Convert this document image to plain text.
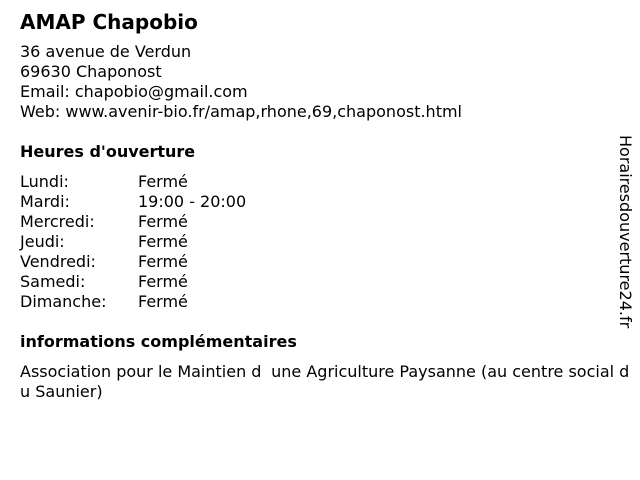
AMAP Chapobio
36 avenue de Verdun
69630 Chaponost
Email: chapobio@gmail.com
Web: www.avenir-bio.fr/amap,rhone,69,chaponost.html
Heures d'ouverture
Lundi:	Fermé
Mardi:	19:00 - 20:00
Mercredi:	Fermé
Jeudi:	Fermé
Vendredi:	Fermé
Samedi:	Fermé
Dimanche:	Fermé
informations complémentaires
Association pour le Maintien dune Agriculture Paysanne (au centre social du Saunier)
Horairesdouverture24.fr
